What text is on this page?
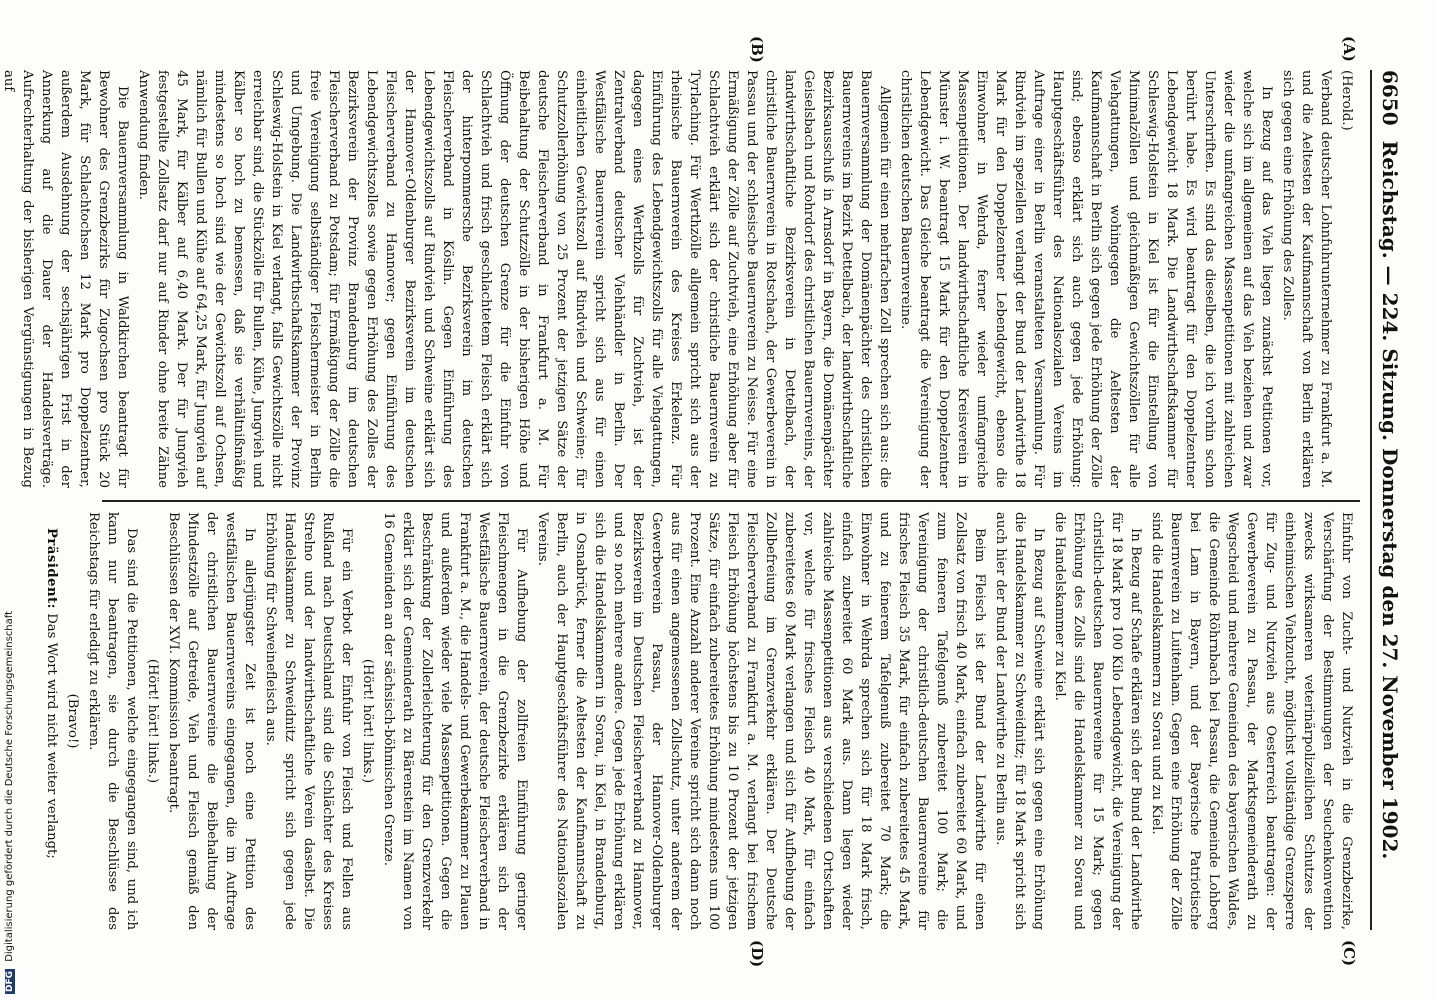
6650
Reichstag. — 224. Sitzung. Donnerstag den 27. November 1902.
(A)
(B)
(C)
(D)

(Herold.)

Verband deutscher Lohnfuhrunternehmer zu Frankfurt a. M. und die Aeltesten der Kaufmannschaft von Berlin erklären sich gegen eine Erhöhung des Zolles.

In Bezug auf das Vieh liegen zunächst Petitionen vor, welche sich im allgemeinen auf das Vieh beziehen und zwar wieder die umfangreichen Massenpetitionen mit zahlreichen Unterschriften. Es sind das dieselben, die ich vorhin schon berührt habe. Es wird beantragt für den Doppelzentner Lebendgewicht 18 Mark. Die Landwirthschaftskammer für Schleswig-Holstein in Kiel ist für die Einstellung von Minimalzöllen und gleichmäßigen Gewichtszöllen für alle Viehgattungen, wohingegen die Aeltesten der Kaufmannschaft in Berlin sich gegen jede Erhöhung der Zölle sind; ebenso erklärt sich auch gegen jede Erhöhung: Hauptgeschäftsführer des Nationalsozialen Vereins im Auftrage einer in Berlin veranstalteten Versammlung. Für Rindvieh im speziellen verlangt der Bund der Landwirthe 18 Mark für den Doppelzentner Lebendgewicht, ebenso die Einwohner in Wehrda, ferner wieder umfangreiche Massenpetitionen. Der landwirthschaftliche Kreisverein in Münster i. W. beantragt 15 Mark für den Doppelzentner Lebendgewicht. Das Gleiche beantragt die Vereinigung der christlichen deutschen Bauernvereine.

Allgemein für einen mehrfachen Zoll sprechen sich aus: die Bauernversammlung der Domänenpächter des christlichen Bauernvereins im Bezirk Dettelbach, der landwirthschaftliche Bezirksausschuß in Arnsdorf in Bayern, die Domänenpächter Geiselsbach und Rohrdorf des christlichen Bauernvereins, der landwirthschaftliche Bezirksverein in Dettelbach, der christliche Bauernverein in Rotschach, der Gewerbeverein in Passau und der schlesische Bauernverein zu Neisse. Für eine Ermäßigung der Zölle auf Zuchtvieh, eine Erhöhung aber für Schlachtvieh erklärt sich der christliche Bauernverein zu Tyrlaching. Für Werthzölle allgemein spricht sich aus der rheinische Bauernverein des Kreises Erkelenz. Für Einführung des Lebendgewichtszolls für alle Viehgattungen, dagegen eines Werthzolls für Zuchtvieh, ist der Zentralverband deutscher Viehhändler in Berlin. Der Westfälische Bauernverein spricht sich aus für einen einheitlichen Gewichtszoll auf Rindvieh und Schweine; für Schutzzollerhöhung von 25 Prozent der jetzigen Sätze der deutsche Fleischerverband in Frankfurt a. M. Für Beibehaltung der Schutzzölle in der bisherigen Höhe und Öffnung der deutschen Grenze für die Einfuhr von Schlachtvieh und frisch geschlachtetem Fleisch erklärt sich der hinterpommersche Bezirksverein im deutschen Fleischerverband in Köslin. Gegen Einführung des Lebendgewichtszolls auf Rindvieh und Schweine erklärt sich der Hannover-Oldenburger Bezirksverein im deutschen Fleischerverband zu Hannover; gegen Einführung des Lebendgewichtszolles sowie gegen Erhöhung des Zolles der Bezirksverein der Provinz Brandenburg im deutschen Fleischerverband zu Potsdam; für Ermäßigung der Zölle die freie Vereinigung selbständiger Fleischermeister in Berlin und Umgebung. Die Landwirthschaftskammer der Provinz Schleswig-Holstein in Kiel verlangt, falls Gewichtszölle nicht erreichbar sind, die Stückzölle für Bullen, Kühe, Jungvieh und Kälber so hoch zu bemessen, daß sie verhältnißmäßig mindestens so hoch sind wie der Gewichtszoll auf Ochsen, nämlich für Bullen und Kühe auf 64,25 Mark, für Jungvieh auf 45 Mark, für Kälber auf 6,40 Mark. Der für Jungvieh festgestellte Zollsatz darf nur auf Rinder ohne breite Zähne Anwendung finden.

Die Bauernversammlung in Waldkirchen beantragt für Bewohner des Grenzbezirks für Zugochsen pro Stück 20 Mark, für Schlachtochsen 12 Mark pro Doppelzentner, außerdem Ausdehnung der sechsjährigen Frist in der Annerkung auf die Dauer der Handelsverträge. Aufrechterhaltung der bisherigen Vergünstigungen in Bezug auf

Einfuhr von Zucht- und Nutzvieh in die Grenzbezirke, Verschärfung der Bestimmungen der Seuchenkonvention zwecks wirksameren veterinärpolizeilichen Schutzes der einheimischen Viehzucht, möglichst vollständige Grenzsperre für Zug- und Nutzvieh aus Oesterreich beantragen: der Gewerbeverein zu Passau, der Marktsgemeinderath zu Wegscheid und mehrere Gemeinden des bayerischen Waldes, die Gemeinde Röhrnbach bei Passau, die Gemeinde Lohberg bei Lam in Bayern, und der Bayerische Patriotische Bauernverein zu Luitenham. Gegen eine Erhöhung der Zölle sind die Handelskammern zu Sorau und zu Kiel.

In Bezug auf Schafe erklären sich der Bund der Landwirthe für 18 Mark pro 100 Kilo Lebendgewicht, die Vereinigung der christlich-deutschen Bauernvereine für 15 Mark; gegen Erhöhung des Zolls sind die Handelskammer zu Sorau und die Handelskammer zu Kiel.

In Bezug auf Schweine erklärt sich gegen eine Erhöhung die Handelskammer zu Schweidnitz; für 18 Mark spricht sich auch hier der Bund der Landwirthe zu Berlin aus.

Beim Fleisch ist der Bund der Landwirthe für einen Zollsatz von frisch 40 Mark, einfach zubereitet 60 Mark, und zum feineren Tafelgenuß zubereitet 100 Mark; die Vereinigung der christlich-deutschen Bauernvereine für frisches Fleisch 35 Mark, für einfach zubereitetes 45 Mark, und zu feinerem Tafelgenuß zubereitet 70 Mark; die Einwohner in Wehrda sprechen sich für 18 Mark frisch, einfach zubereitet 60 Mark aus. Dann liegen wieder zahlreiche Massenpetitionen aus verschiedenen Ortschaften vor, welche für frisches Fleisch 40 Mark, für einfach zubereitetes 60 Mark verlangen und sich für Aufhebung der Zollbefreiung im Grenzverkehr erklären. Der Deutsche Fleischerverband zu Frankfurt a. M. verlangt bei frischem Fleisch Erhöhung höchstens bis zu 10 Prozent der jetzigen Sätze, für einfach zubereitetes Erhöhung mindestens um 100 Prozent. Eine Anzahl anderer Vereine spricht sich dann noch aus für einen angemessenen Zollschutz, unter anderem der Gewerbeverein Passau, der Hannover-Oldenburger Bezirksverein im Deutschen Fleischerverband zu Hannover, und so noch mehrere andere. Gegen jede Erhöhung erklären sich die Handelskammern in Sorau, in Kiel, in Brandenburg, in Osnabrück, ferner die Aeltesten der Kaufmannschaft zu Berlin, auch der Hauptgeschäftsführer des Nationalsozialen Vereins.

Für Aufhebung der zollfreien Einführung geringer Fleischmengen in die Grenzbezirke erklären sich der Westfälische Bauernverein, der deutsche Fleischerverband in Frankfurt a. M., die Handels- und Gewerbekammer zu Plauen und außerdem wieder viele Massenpetitionen. Gegen die Beschränkung der Zollerleichterung für den Grenzverkehr erklärt sich der Gemeinderath zu Bärenstein im Namen von 16 Gemeinden an der sächsisch-böhmischen Grenze.

(Hört! hört! links.)

Für ein Verbot der Einfuhr von Fleisch und Fellen aus Rußland nach Deutschland sind die Schlächter des Kreises Strelno und der landwirthschaftliche Verein daselbst. Die Handelskammer zu Schweidnitz spricht sich gegen jede Erhöhung für Schweinefleisch aus.

In allerjüngster Zeit ist noch eine Petition des westfälischen Bauernvereins eingegangen, die im Auftrage der christlichen Bauernvereine die Beibehaltung der Mindestzölle auf Getreide, Vieh und Fleisch gemäß den Beschlüssen der XVI. Kommission beantragt.

(Hört! hört! links.)

Das sind die Petitionen, welche eingegangen sind, und ich kann nur beantragen, sie durch die Beschlüsse des Reichstags für erledigt zu erklären.

(Bravo!)

Präsident: Das Wort wird nicht weiter verlangt;

DFG Digitalisierung gefördert durch die Deutsche Forschungsgemeinschaft
